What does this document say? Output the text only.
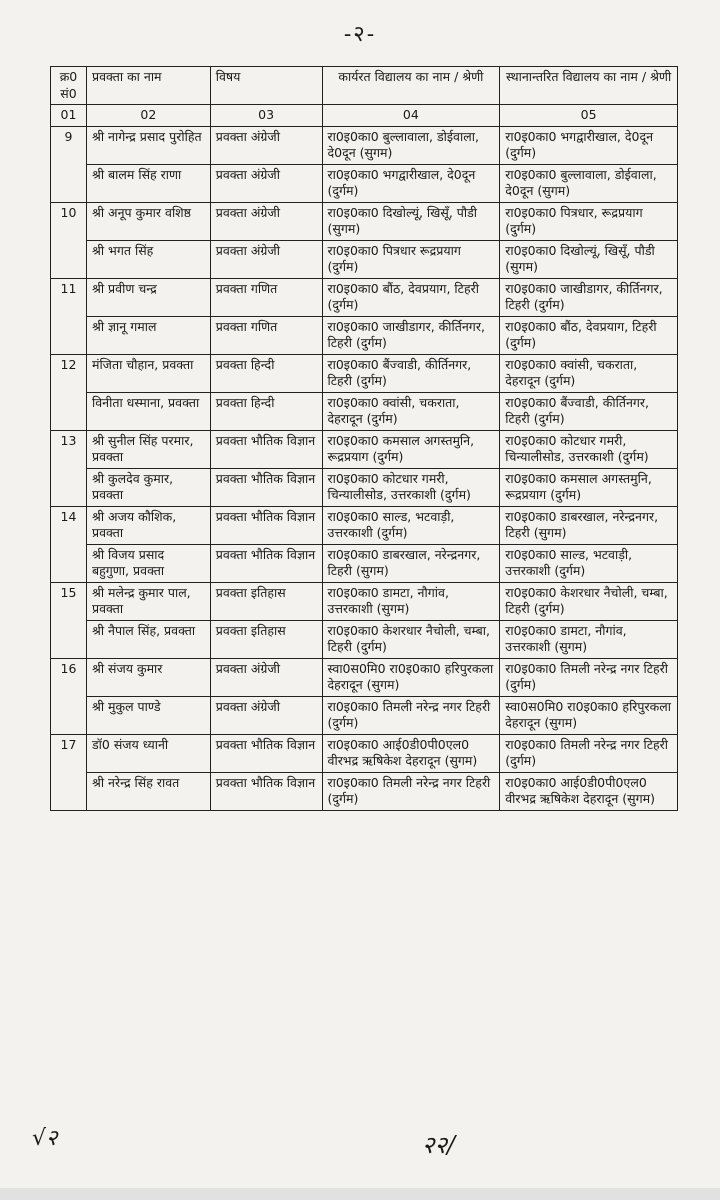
-२-
क्र0 सं0	प्रवक्ता का नाम	विषय	कार्यरत विद्यालय का नाम / श्रेणी	स्थानान्तरित विद्यालय का नाम / श्रेणी
01	02	03	04	05
9	श्री नागेन्द्र प्रसाद पुरोहित	प्रवक्ता अंग्रेजी	रा0इ0का0 बुल्लावाला, डोईवाला, दे0दून (सुगम)	रा0इ0का0 भगद्वारीखाल, दे0दून (दुर्गम)
	श्री बालम सिंह राणा	प्रवक्ता अंग्रेजी	रा0इ0का0 भगद्वारीखाल, दे0दून (दुर्गम)	रा0इ0का0 बुल्लावाला, डोईवाला, दे0दून (सुगम)
10	श्री अनूप कुमार वशिष्ठ	प्रवक्ता अंग्रेजी	रा0इ0का0 दिखोल्यूं, खिसूँ, पौडी (सुगम)	रा0इ0का0 पित्रधार, रूद्रप्रयाग (दुर्गम)
	श्री भगत सिंह	प्रवक्ता अंग्रेजी	रा0इ0का0 पित्रधार रूद्रप्रयाग (दुर्गम)	रा0इ0का0 दिखोल्यूं, खिसूँ, पौडी (सुगम)
11	श्री प्रवीण चन्द्र	प्रवक्ता गणित	रा0इ0का0 बौंठ, देवप्रयाग, टिहरी (दुर्गम)	रा0इ0का0 जाखीडागर, कीर्तिनगर, टिहरी (दुर्गम)
	श्री ज्ञानू गमाल	प्रवक्ता गणित	रा0इ0का0 जाखीडागर, कीर्तिनगर, टिहरी (दुर्गम)	रा0इ0का0 बौंठ, देवप्रयाग, टिहरी (दुर्गम)
12	मंजिता चौहान, प्रवक्ता	प्रवक्ता हिन्दी	रा0इ0का0 बैंज्वाडी, कीर्तिनगर, टिहरी (दुर्गम)	रा0इ0का0 क्वांसी, चकराता, देहरादून (दुर्गम)
	विनीता धस्माना, प्रवक्ता	प्रवक्ता हिन्दी	रा0इ0का0 क्वांसी, चकराता, देहरादून (दुर्गम)	रा0इ0का0 बैंज्वाडी, कीर्तिनगर, टिहरी (दुर्गम)
13	श्री सुनील सिंह परमार, प्रवक्ता	प्रवक्ता भौतिक विज्ञान	रा0इ0का0 कमसाल अगस्तमुनि, रूद्रप्रयाग (दुर्गम)	रा0इ0का0 कोटधार गमरी, चिन्यालीसोड, उत्तरकाशी (दुर्गम)
	श्री कुलदेव कुमार, प्रवक्ता	प्रवक्ता भौतिक विज्ञान	रा0इ0का0 कोटधार गमरी, चिन्यालीसोड, उत्तरकाशी (दुर्गम)	रा0इ0का0 कमसाल अगस्तमुनि, रूद्रप्रयाग (दुर्गम)
14	श्री अजय कौशिक, प्रवक्ता	प्रवक्ता भौतिक विज्ञान	रा0इ0का0 साल्ड, भटवाड़ी, उत्तरकाशी (दुर्गम)	रा0इ0का0 डाबरखाल, नरेन्द्रनगर, टिहरी (सुगम)
	श्री विजय प्रसाद बहुगुणा, प्रवक्ता	प्रवक्ता भौतिक विज्ञान	रा0इ0का0 डाबरखाल, नरेन्द्रनगर, टिहरी (सुगम)	रा0इ0का0 साल्ड, भटवाड़ी, उत्तरकाशी (दुर्गम)
15	श्री मलेन्द्र कुमार पाल, प्रवक्ता	प्रवक्ता इतिहास	रा0इ0का0 डामटा, नौगांव, उत्तरकाशी (सुगम)	रा0इ0का0 केशरधार नैचोली, चम्बा, टिहरी (दुर्गम)
	श्री नैपाल सिंह, प्रवक्ता	प्रवक्ता इतिहास	रा0इ0का0 केशरधार नैचोली, चम्बा, टिहरी (दुर्गम)	रा0इ0का0 डामटा, नौगांव, उत्तरकाशी (सुगम)
16	श्री संजय कुमार	प्रवक्ता अंग्रेजी	स्वा0स0मि0 रा0इ0का0 हरिपुरकला देहरादून (सुगम)	रा0इ0का0 तिमली नरेन्द्र नगर टिहरी (दुर्गम)
	श्री मुकुल पाण्डे	प्रवक्ता अंग्रेजी	रा0इ0का0 तिमली नरेन्द्र नगर टिहरी (दुर्गम)	स्वा0स0मि0 रा0इ0का0 हरिपुरकला देहरादून (सुगम)
17	डॉ0 संजय ध्यानी	प्रवक्ता भौतिक विज्ञान	रा0इ0का0 आई0डी0पी0एल0 वीरभद्र ऋषिकेश देहरादून (सुगम)	रा0इ0का0 तिमली नरेन्द्र नगर टिहरी (दुर्गम)
	श्री नरेन्द्र सिंह रावत	प्रवक्ता भौतिक विज्ञान	रा0इ0का0 तिमली नरेन्द्र नगर टिहरी (दुर्गम)	रा0इ0का0 आई0डी0पी0एल0 वीरभद्र ऋषिकेश देहरादून (सुगम)
√२	२२/
